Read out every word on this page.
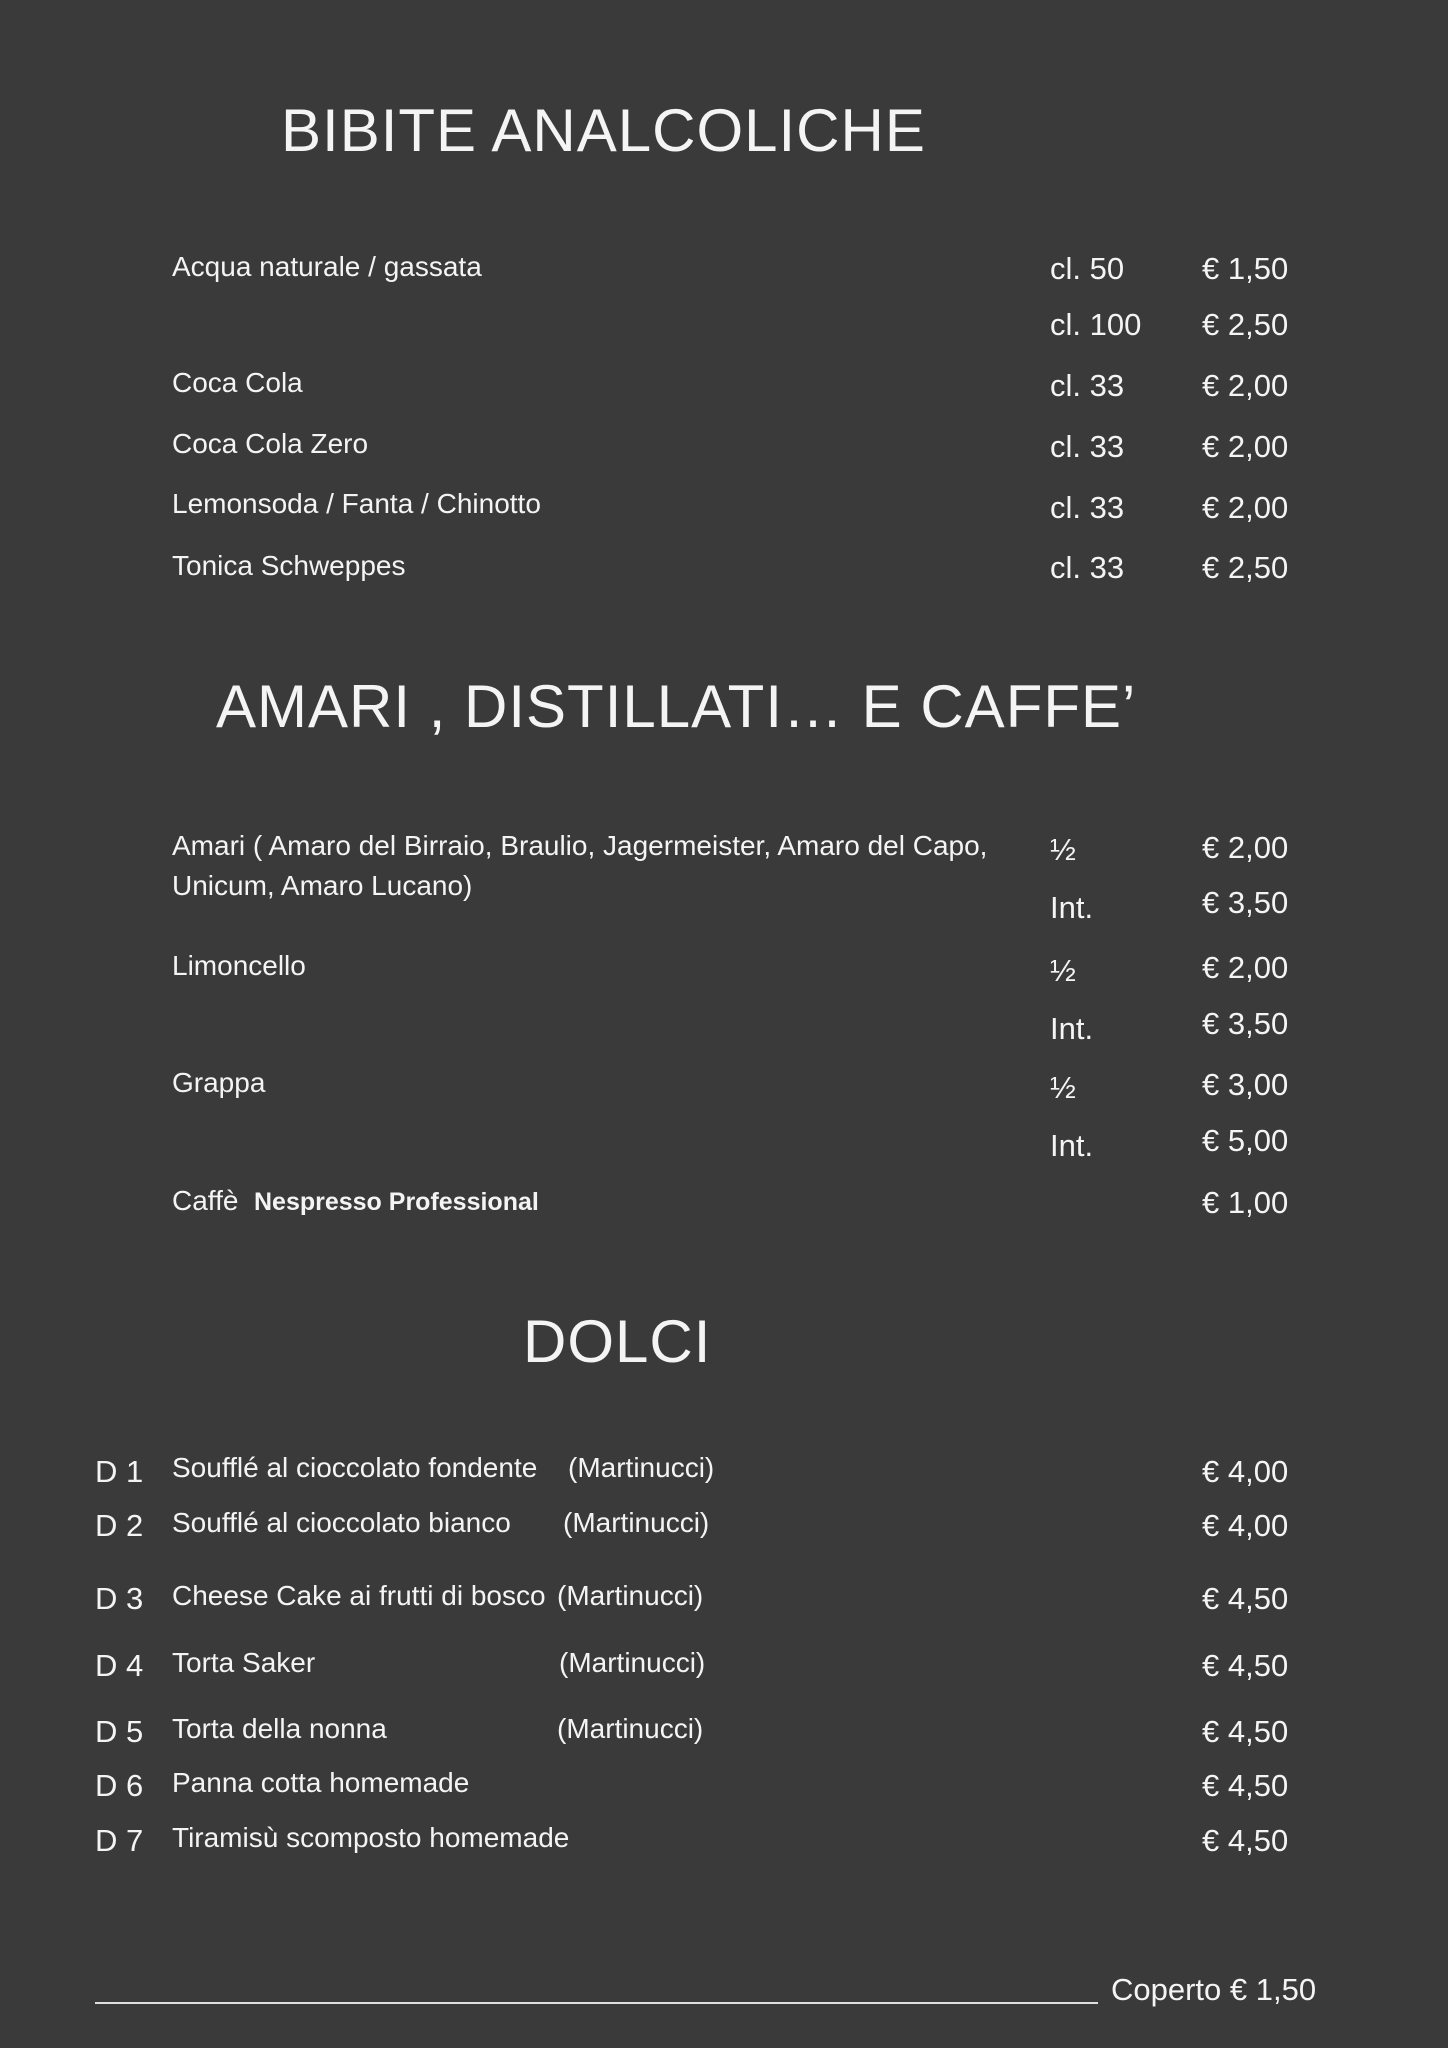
BIBITE ANALCOLICHE
Acqua naturale / gassata	cl. 50	€ 1,50
cl. 100 € 2,50
Coca Cola	cl. 33	€ 2,00
Coca Cola Zero	cl. 33	€ 2,00
Lemonsoda / Fanta / Chinotto	cl. 33	€ 2,00
Tonica Schweppes	cl. 33	€ 2,50
AMARI , DISTILLATI… E CAFFE’
Amari ( Amaro del Birraio, Braulio, Jagermeister, Amaro del Capo,
Unicum, Amaro Lucano)
½	€ 2,00
Int.	€ 3,50
Limoncello	½	€ 2,00
Int.	€ 3,50
Grappa	½	€ 3,00
Int.	€ 5,00
Caffè Nespresso Professional	€ 1,00
DOLCI
D 1 Soufflé al cioccolato fondente (Martinucci)	€ 4,00
D 2 Soufflé al cioccolato bianco (Martinucci)	€ 4,00
D 3 Cheese Cake ai frutti di bosco (Martinucci)	€ 4,50
D 4 Torta Saker	(Martinucci)	€ 4,50
D 5 Torta della nonna	(Martinucci)	€ 4,50
D 6 Panna cotta homemade	€ 4,50
D 7 Tiramisù scomposto homemade	€ 4,50
Coperto € 1,50
